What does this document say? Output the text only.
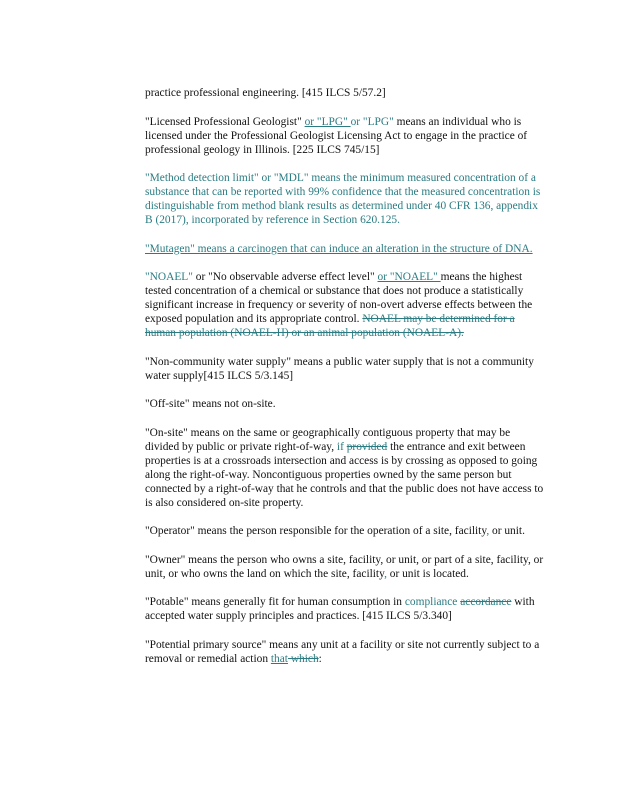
practice professional engineering. [415 ILCS 5/57.2]

"Licensed Professional Geologist" or "LPG" or "LPG" means an individual who is licensed under the Professional Geologist Licensing Act to engage in the practice of professional geology in Illinois. [225 ILCS 745/15]

"Method detection limit" or "MDL" means the minimum measured concentration of a substance that can be reported with 99% confidence that the measured concentration is distinguishable from method blank results as determined under 40 CFR 136, appendix B (2017), incorporated by reference in Section 620.125.

"Mutagen" means a carcinogen that can induce an alteration in the structure of DNA.

"NOAEL" or "No observable adverse effect level" or "NOAEL" means the highest tested concentration of a chemical or substance that does not produce a statistically significant increase in frequency or severity of non-overt adverse effects between the exposed population and its appropriate control. NOAEL may be determined for a human population (NOAEL-H) or an animal population (NOAEL-A).

"Non-community water supply" means a public water supply that is not a community water supply[415 ILCS 5/3.145]

"Off-site" means not on-site.

"On-site" means on the same or geographically contiguous property that may be divided by public or private right-of-way, if provided the entrance and exit between properties is at a crossroads intersection and access is by crossing as opposed to going along the right-of-way. Noncontiguous properties owned by the same person but connected by a right-of-way that he controls and that the public does not have access to is also considered on-site property.

"Operator" means the person responsible for the operation of a site, facility, or unit.

"Owner" means the person who owns a site, facility, or unit, or part of a site, facility, or unit, or who owns the land on which the site, facility, or unit is located.

"Potable" means generally fit for human consumption in compliance accordance with accepted water supply principles and practices. [415 ILCS 5/3.340]

"Potential primary source" means any unit at a facility or site not currently subject to a removal or remedial action that which:
